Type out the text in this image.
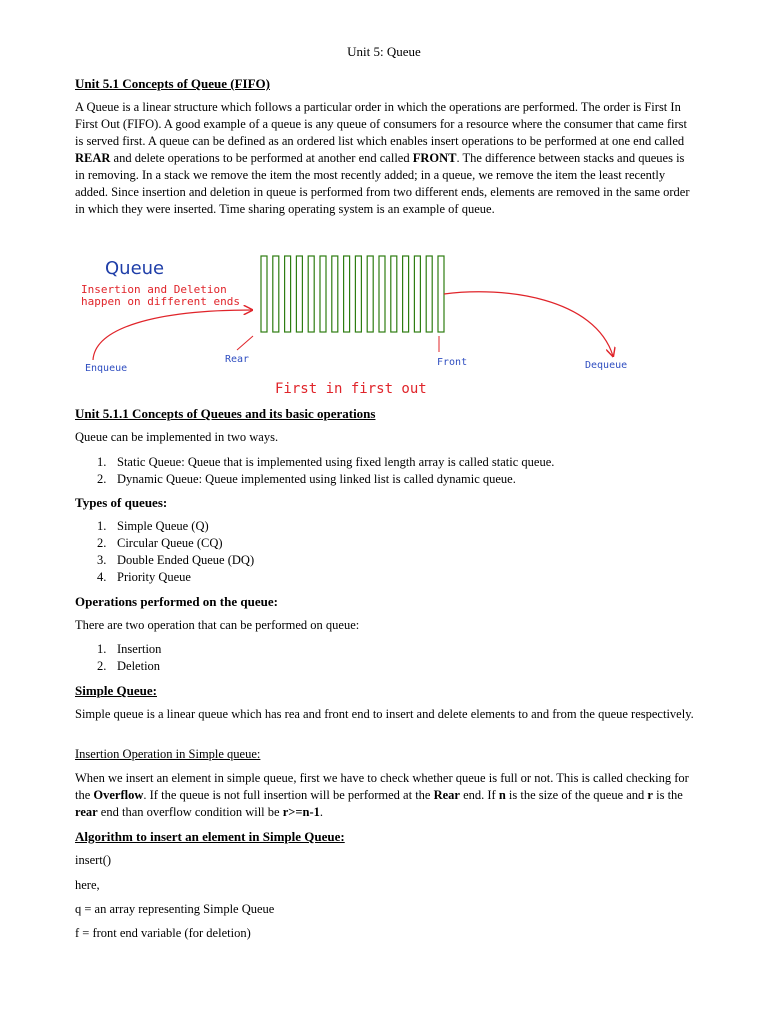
Unit 5: Queue
Unit 5.1 Concepts of Queue (FIFO)
A Queue is a linear structure which follows a particular order in which the operations are performed. The order is First In First Out (FIFO). A good example of a queue is any queue of consumers for a resource where the consumer that came first is served first. A queue can be defined as an ordered list which enables insert operations to be performed at one end called REAR and delete operations to be performed at another end called FRONT. The difference between stacks and queues is in removing. In a stack we remove the item the most recently added; in a queue, we remove the item the least recently added. Since insertion and deletion in queue is performed from two different ends, elements are removed in the same order in which they were inserted. Time sharing operating system is an example of queue.
Queue
Insertion and Deletion
happen on different ends
Rear	Front
Enqueue	Dequeue
First in first out
Unit 5.1.1 Concepts of Queues and its basic operations
Queue can be implemented in two ways.
1. Static Queue: Queue that is implemented using fixed length array is called static queue.
2. Dynamic Queue: Queue implemented using linked list is called dynamic queue.
Types of queues:
1. Simple Queue (Q)
2. Circular Queue (CQ)
3. Double Ended Queue (DQ)
4. Priority Queue
Operations performed on the queue:
There are two operation that can be performed on queue:
1. Insertion
2. Deletion
Simple Queue:
Simple queue is a linear queue which has rea and front end to insert and delete elements to and from the queue respectively.
Insertion Operation in Simple queue:
When we insert an element in simple queue, first we have to check whether queue is full or not. This is called checking for the Overflow. If the queue is not full insertion will be performed at the Rear end. If n is the size of the queue and r is the rear end than overflow condition will be r>=n-1.
Algorithm to insert an element in Simple Queue:
insert()
here,
q = an array representing Simple Queue
f = front end variable (for deletion)
